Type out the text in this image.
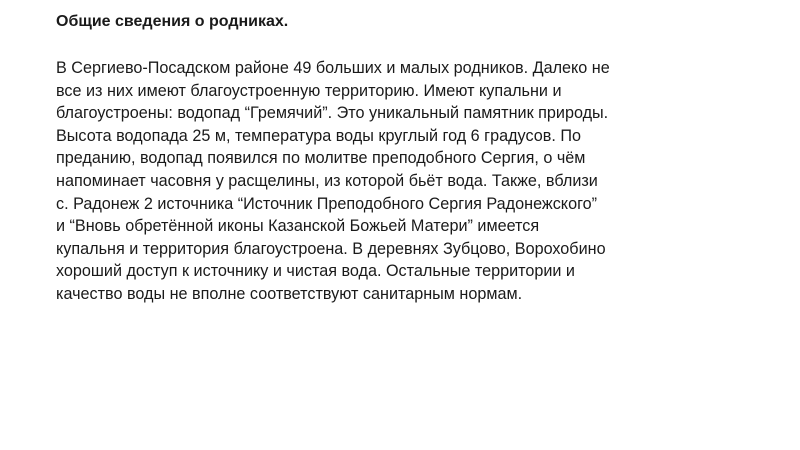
Общие сведения о родниках.
В Сергиево-Посадском районе 49 больших и малых родников. Далеко не
все из них имеют благоустроенную территорию. Имеют купальни и
благоустроены: водопад “Гремячий”. Это уникальный памятник природы.
Высота водопада 25 м, температура воды круглый год 6 градусов. По
преданию, водопад появился по молитве преподобного Сергия, о чём
напоминает часовня у расщелины, из которой бьёт вода. Также, вблизи
с. Радонеж 2 источника “Источник Преподобного Сергия Радонежского”
и “Вновь обретённой иконы Казанской Божьей Матери” имеется
купальня и территория благоустроена. В деревнях Зубцово, Ворохобино
хороший доступ к источнику и чистая вода. Остальные территории и
качество воды не вполне соответствуют санитарным нормам.
